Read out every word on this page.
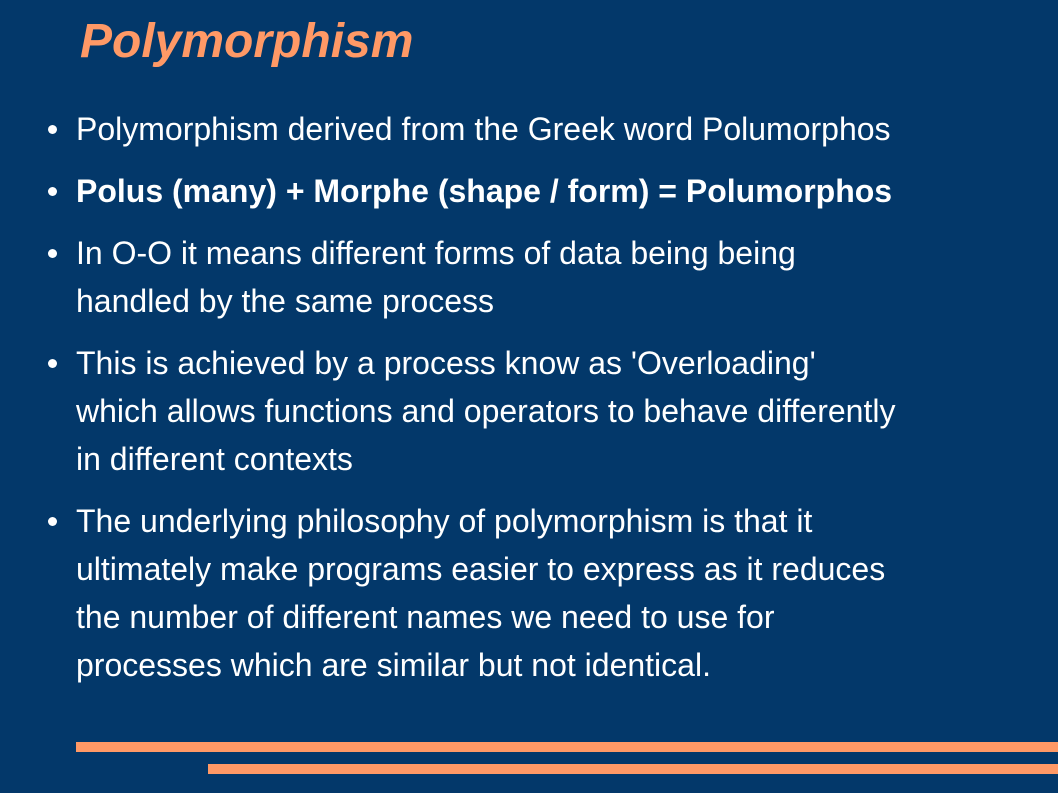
Polymorphism
Polymorphism derived from the Greek word Polumorphos
Polus (many) + Morphe (shape / form) = Polumorphos
In O-O it means different forms of data being being
handled by the same process
This is achieved by a process know as 'Overloading'
which allows functions and operators to behave differently
in different contexts
The underlying philosophy of polymorphism is that it
ultimately make programs easier to express as it reduces
the number of different names we need to use for
processes which are similar but not identical.
